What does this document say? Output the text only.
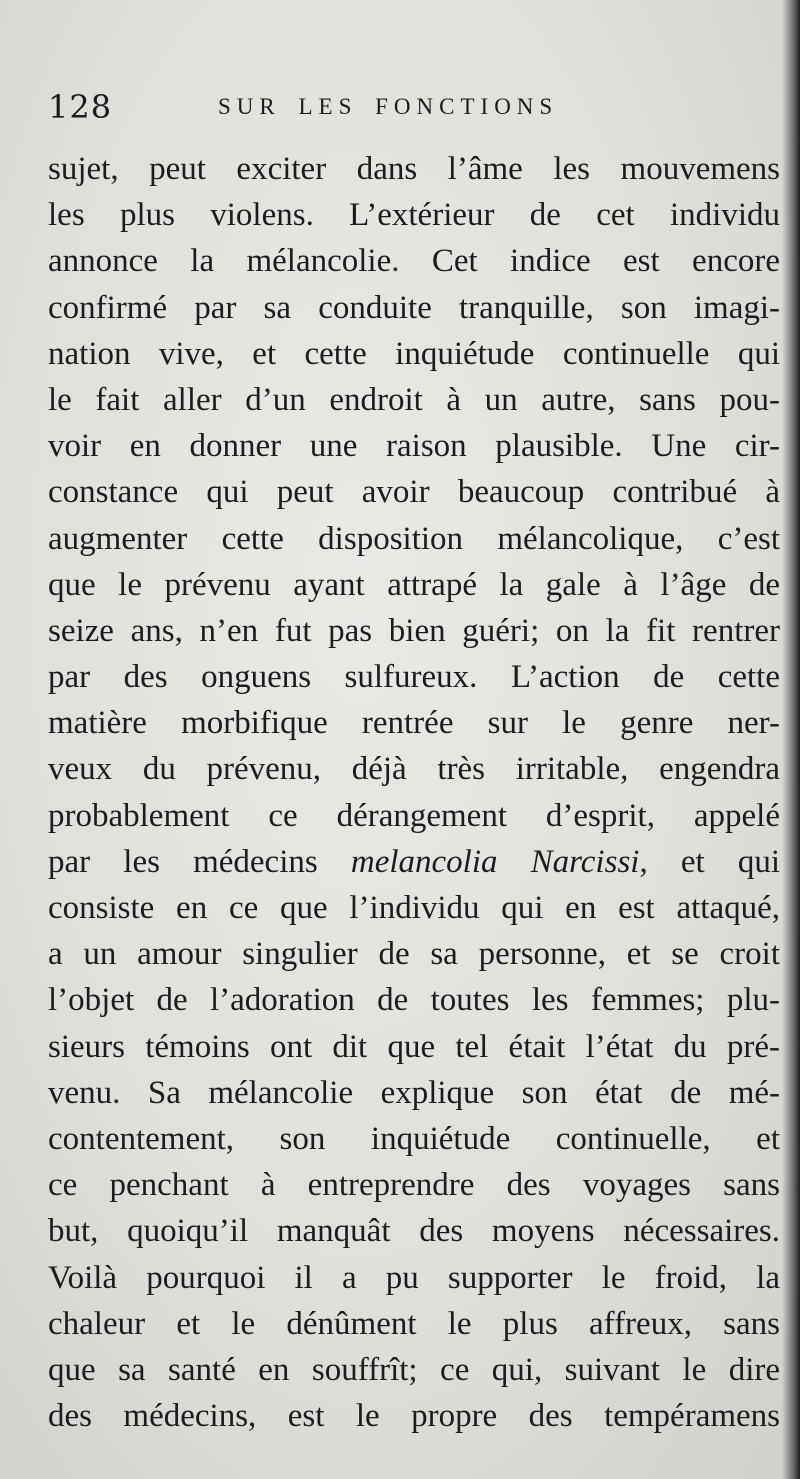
128	SUR LES FONCTIONS
sujet, peut exciter dans l’âme les mouvemens
les plus violens. L’extérieur de cet individu
annonce la mélancolie. Cet indice est encore
confirmé par sa conduite tranquille, son imagi-
nation vive, et cette inquiétude continuelle qui
le fait aller d’un endroit à un autre, sans pou-
voir en donner une raison plausible. Une cir-
constance qui peut avoir beaucoup contribué à
augmenter cette disposition mélancolique, c’est
que le prévenu ayant attrapé la gale à l’âge de
seize ans, n’en fut pas bien guéri; on la fit rentrer
par des onguens sulfureux. L’action de cette
matière morbifique rentrée sur le genre ner-
veux du prévenu, déjà très irritable, engendra
probablement ce dérangement d’esprit, appelé
par les médecins melancolia Narcissi, et qui
consiste en ce que l’individu qui en est attaqué,
a un amour singulier de sa personne, et se croit
l’objet de l’adoration de toutes les femmes; plu-
sieurs témoins ont dit que tel était l’état du pré-
venu. Sa mélancolie explique son état de mé-
contentement, son inquiétude continuelle, et
ce penchant à entreprendre des voyages sans
but, quoiqu’il manquât des moyens nécessaires.
Voilà pourquoi il a pu supporter le froid, la
chaleur et le dénûment le plus affreux, sans
que sa santé en souffrît; ce qui, suivant le dire
des médecins, est le propre des tempéramens
